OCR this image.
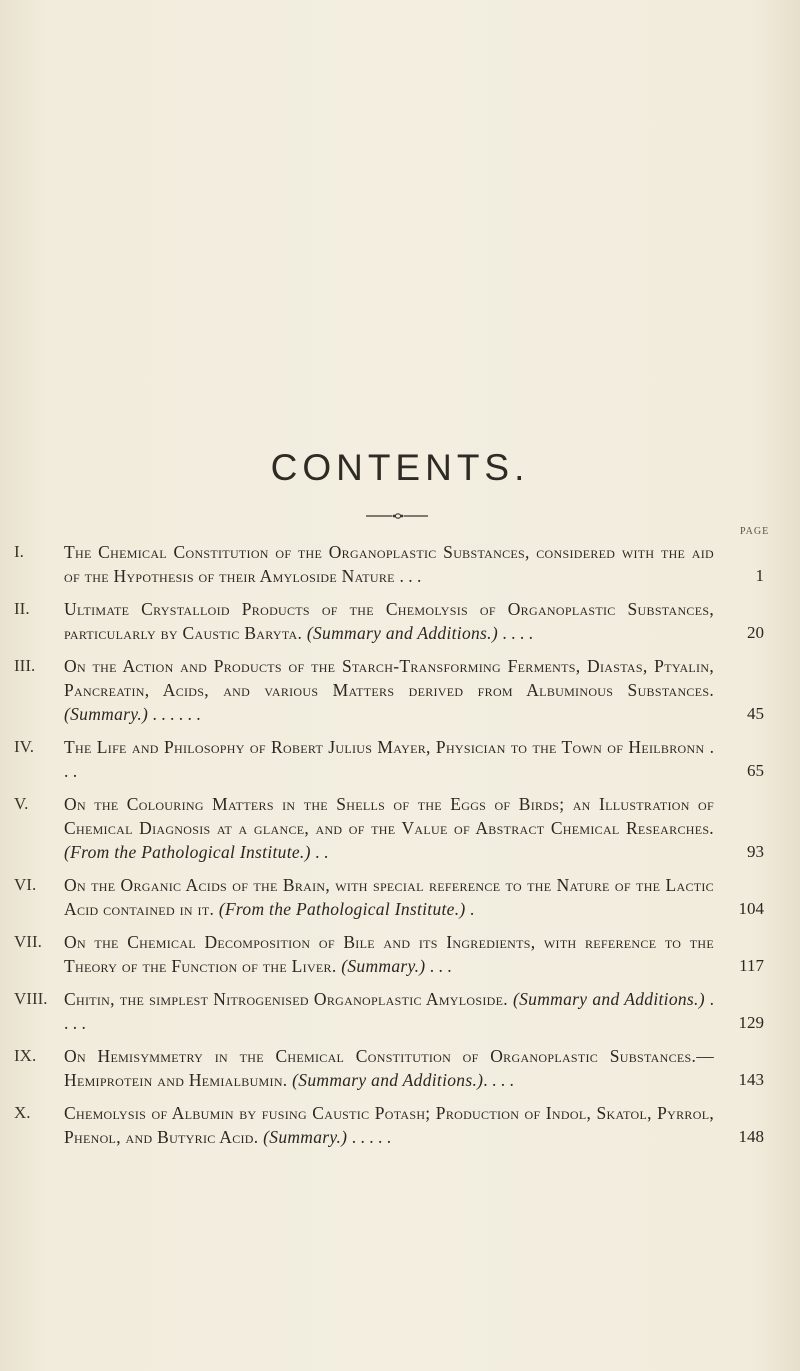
CONTENTS.
PAGE
I.	The Chemical Constitution of the Organoplastic Substances, considered with the aid of the Hypothesis of their Amyloside Nature . . .	1
II.	Ultimate Crystalloid Products of the Chemolysis of Organoplastic Substances, particularly by Caustic Baryta. (Summary and Additions.) . . . .	20
III.	On the Action and Products of the Starch-Transforming Ferments, Diastas, Ptyalin, Pancreatin, Acids, and various Matters derived from Albuminous Substances. (Summary.) . . . . . .	45
IV.	The Life and Philosophy of Robert Julius Mayer, Physician to the Town of Heilbronn . . .	65
V.	On the Colouring Matters in the Shells of the Eggs of Birds; an Illustration of Chemical Diagnosis at a glance, and of the Value of Abstract Chemical Researches. (From the Pathological Institute.) . .	93
VI.	On the Organic Acids of the Brain, with special reference to the Nature of the Lactic Acid contained in it. (From the Pathological Institute.) .	104
VII.	On the Chemical Decomposition of Bile and its Ingredients, with reference to the Theory of the Function of the Liver. (Summary.) . . .	117
VIII. Chitin, the simplest Nitrogenised Organoplastic Amyloside. (Summary and Additions.) . . . .	129
IX.	On Hemisymmetry in the Chemical Constitution of Organoplastic Substances.—Hemiprotein and Hemialbumin. (Summary and Additions.). . . .	143
X.	Chemolysis of Albumin by fusing Caustic Potash; Production of Indol, Skatol, Pyrrol, Phenol, and Butyric Acid. (Summary.) . . . . .	148
